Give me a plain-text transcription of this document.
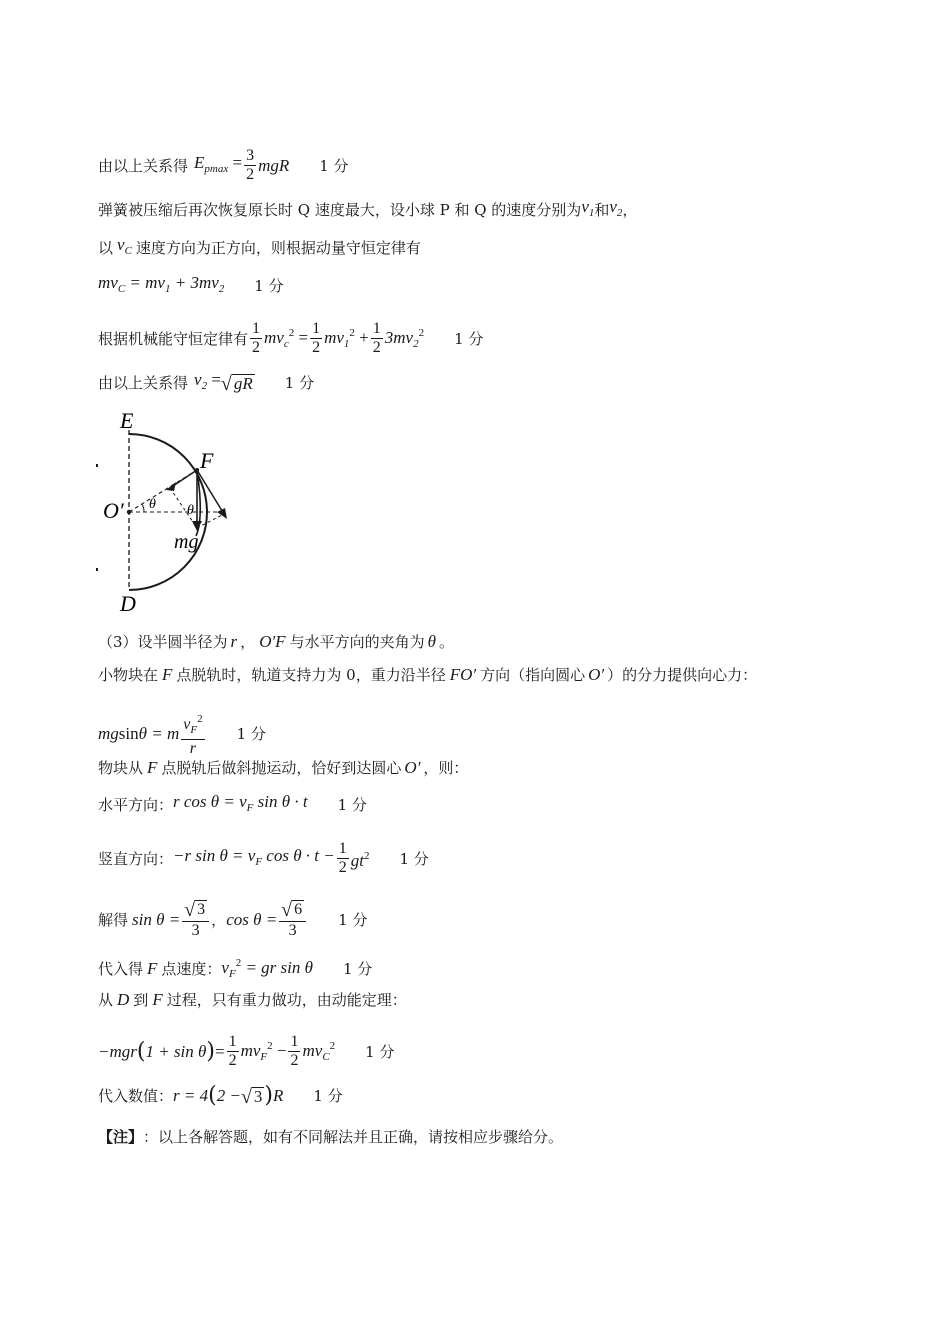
由以上关系得 $E_{pmax} = \frac{3}{2}$ mgR 1 分
弹簧被压缩后再次恢复原长时 Q 速度最大，设小球 P 和 Q 的速度分别为 $v_1$ 和 $v_2$ ，
以 $v_C$ 速度方向为正方向，则根据动量守恒定律有
$mv_C = mv_1 + 3mv_2$ 1 分
根据机械能守恒定律有 $\frac{1}{2} mv_c^2 = \frac{1}{2} mv_1^2 + \frac{1}{2} 3mv_2^2$ 1 分
由以上关系得 $v_2$ = √ gR 1 分
E
F
O′ θ θ
mg
D
（3）设半圆半径为 r ， O′F 与水平方向的夹角为 θ 。
小物块在 F 点脱轨时，轨道支持力为 0，重力沿半径 FO′ 方向（指向圆心 O′ ）的分力提供向心力：
mgsinθ = m $\frac{v_F^2}{r} 1$ 分
物块从 F 点脱轨后做斜抛运动，恰好到达圆心 O′ ，则：
水平方向： r $\cos \theta = v_F$ sin θ · t 1 分
竖直方向： −r $\sin \theta = v_F$ $\cos \theta \cdot t - \frac{1}{2} gt^2$ 1 分
解得 $\sin \theta = \frac{√ 3}{3}$ ， $\cos \theta = \frac{√ 6}{3} 1$ 分
代入得 F 点速度： $v_F^2$ = gr sin θ 1 分
从 D 到 F 过程，只有重力做功，由动能定理：
−mgr ( 1 + sin θ ) = $\frac{1}{2} mv_F^2 - \frac{1}{2} mv_C^2$ 1 分
代入数值： r = 4 ( 2 − √ 3 ) R 1 分
【注】 ：以上各解答题，如有不同解法并且正确，请按相应步骤给分。
